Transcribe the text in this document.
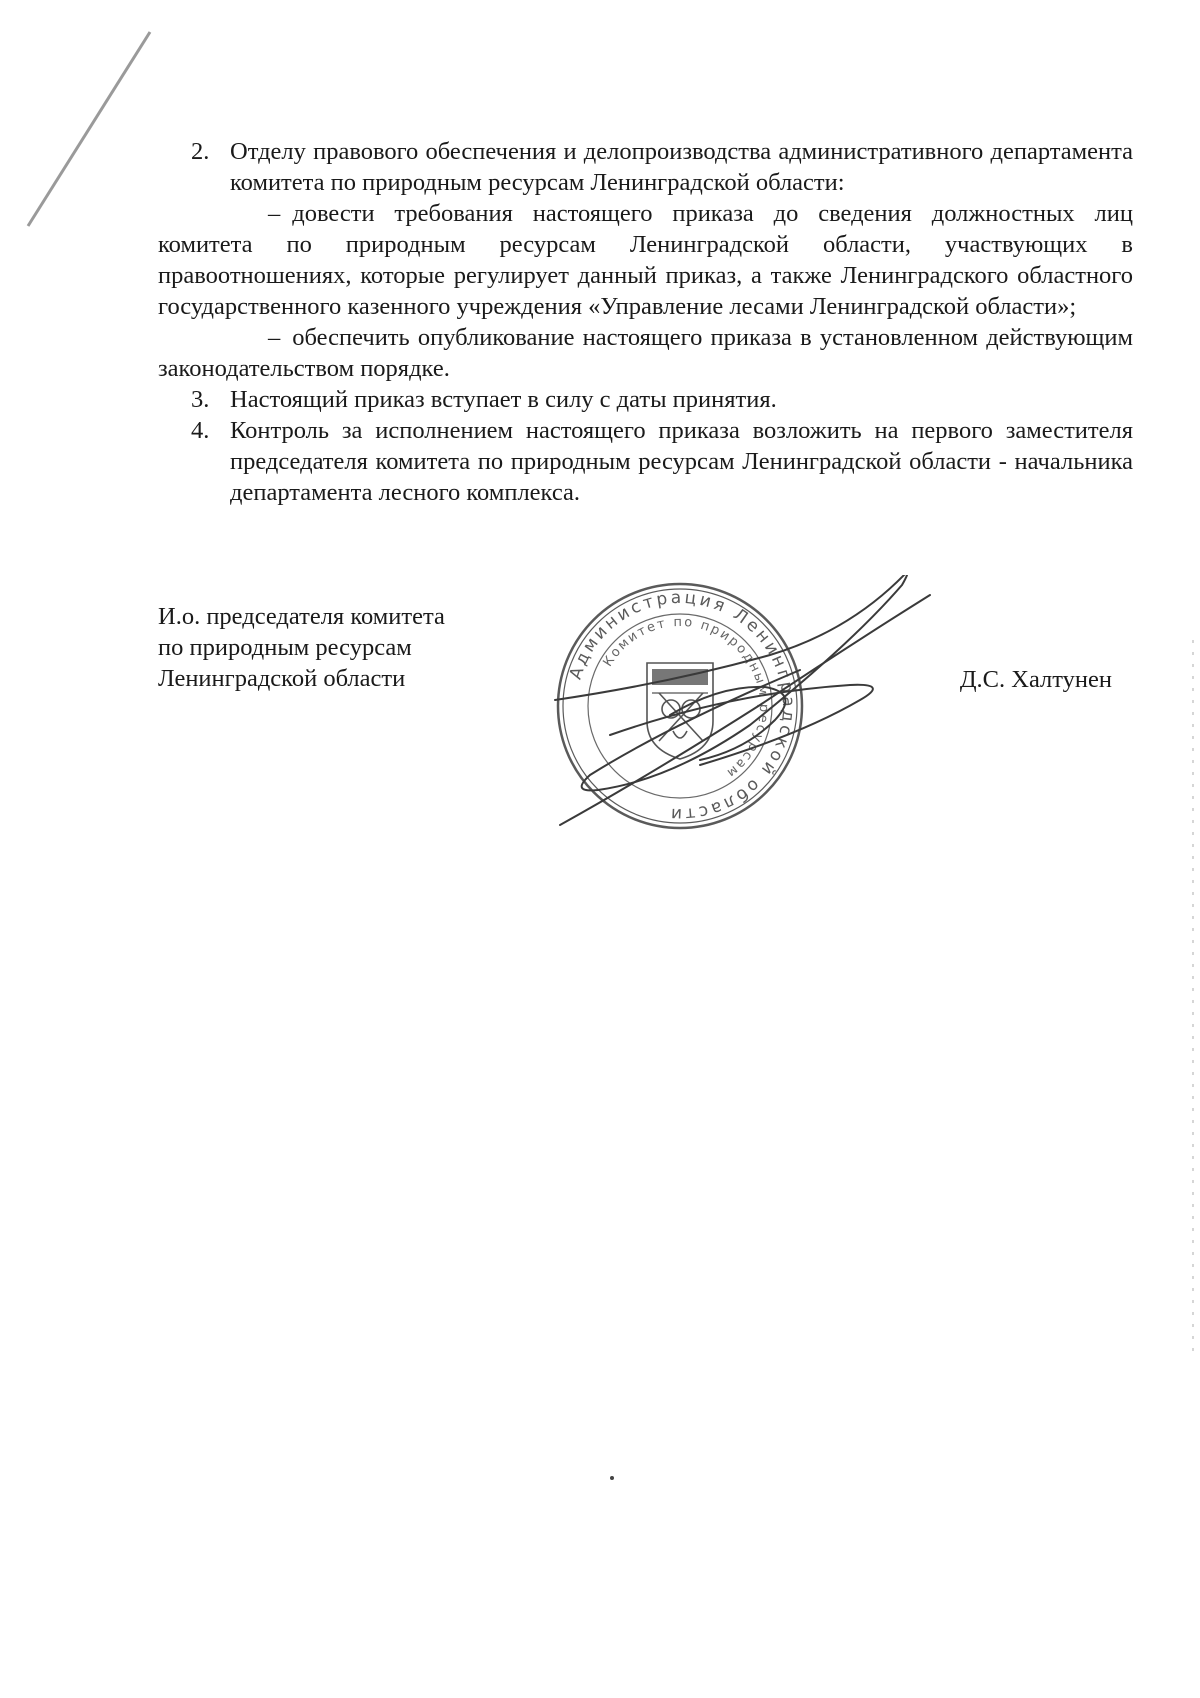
2. Отделу правового обеспечения и делопроизводства административного департамента комитета по природным ресурсам Ленинградской области:
– довести требования настоящего приказа до сведения должностных лиц комитета по природным ресурсам Ленинградской области, участвующих в правоотношениях, которые регулирует данный приказ, а также Ленинградского областного государственного казенного учреждения «Управление лесами Ленинградской области»;
– обеспечить опубликование настоящего приказа в установленном действующим законодательством порядке.
3. Настоящий приказ вступает в силу с даты принятия.
4. Контроль за исполнением настоящего приказа возложить на первого заместителя председателя комитета по природным ресурсам Ленинградской области - начальника департамента лесного комплекса.
И.о. председателя комитета
по природным ресурсам
Ленинградской области	Д.С. Халтунен
Администрация Ленинградской области
Комитет по природным ресурсам
